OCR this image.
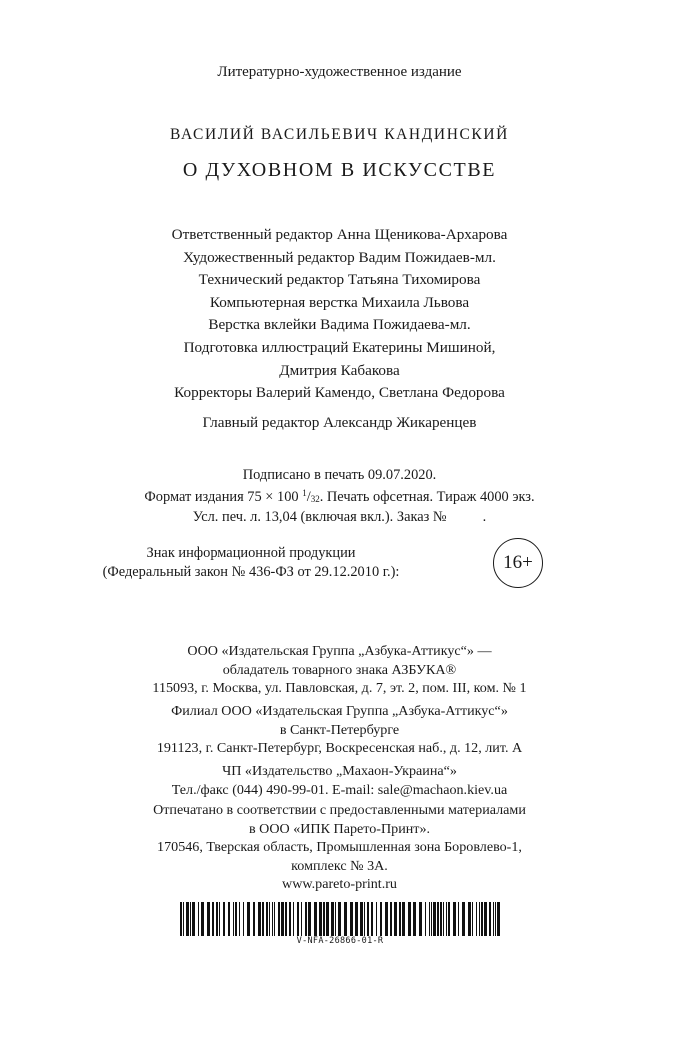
Литературно-художественное издание
ВАСИЛИЙ ВАСИЛЬЕВИЧ КАНДИНСКИЙ
О ДУХОВНОМ В ИСКУССТВЕ
Ответственный редактор Анна Щеникова-Архарова
Художественный редактор Вадим Пожидаев-мл.
Технический редактор Татьяна Тихомирова
Компьютерная верстка Михаила Львова
Верстка вклейки Вадима Пожидаева-мл.
Подготовка иллюстраций Екатерины Мишиной,
Дмитрия Кабакова
Корректоры Валерий Камендо, Светлана Федорова
Главный редактор Александр Жикаренцев
Подписано в печать 09.07.2020.
Формат издания 75 × 100 $^1/_{32}$. Печать офсетная. Тираж 4000 экз.
Усл. печ. л. 13,04 (включая вкл.). Заказ №          .
Знак информационной продукции
(Федеральный закон № 436-ФЗ от 29.12.2010 г.):	16+
ООО «Издательская Группа „Азбука-Аттикус“» —
обладатель товарного знака АЗБУКА®
115093, г. Москва, ул. Павловская, д. 7, эт. 2, пом. III, ком. № 1
Филиал ООО «Издательская Группа „Азбука-Аттикус“»
в Санкт-Петербурге
191123, г. Санкт-Петербург, Воскресенская наб., д. 12, лит. А
ЧП «Издательство „Махаон-Украина“»
Тел./факс (044) 490-99-01. E-mail: sale@machaon.kiev.ua
Отпечатано в соответствии с предоставленными материалами
в ООО «ИПК Парето-Принт».
170546, Тверская область, Промышленная зона Боровлево-1,
комплекс № 3А.
www.pareto-print.ru
V-NFA-26866-01-R
